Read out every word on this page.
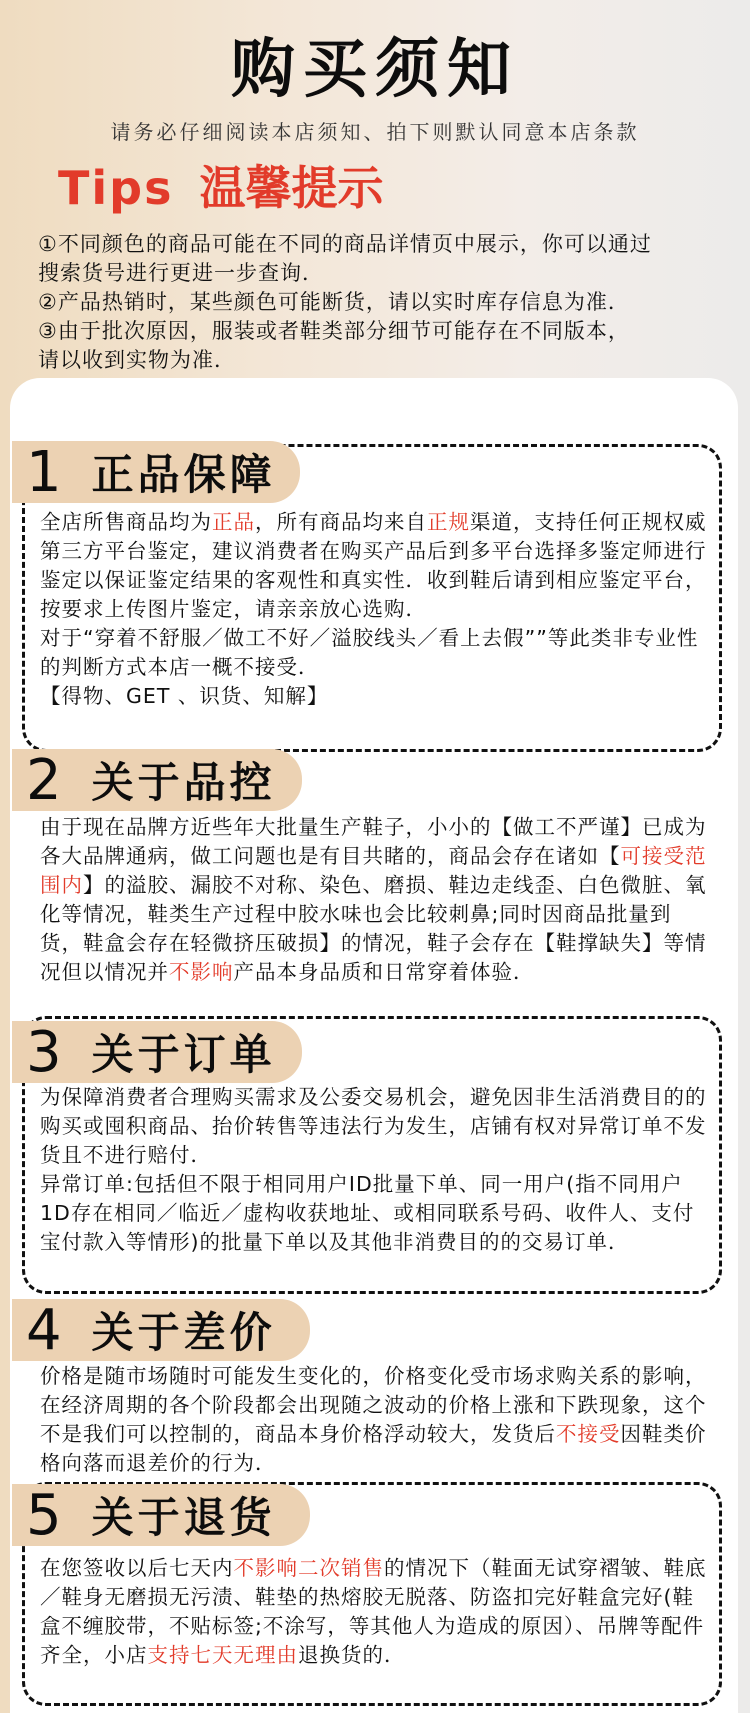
购买须知
请务必仔细阅读本店须知、拍下则默认同意本店条款
Tips 温馨提示
①不同颜色的商品可能在不同的商品详情页中展示，你可以通过
搜索货号进行更进一步查询．
②产品热销时，某些颜色可能断货，请以实时库存信息为准．
③由于批次原因，服装或者鞋类部分细节可能存在不同版本，
请以收到实物为准．
1 正品保障

全店所售商品均为正品，所有商品均来自正规渠道，支持任何正规权威第三方平台鉴定，建议消费者在购买产品后到多平台选择多鉴定师进行鉴定以保证鉴定结果的客观性和真实性．收到鞋后请到相应鉴定平台，按要求上传图片鉴定，请亲亲放心选购．

对于“穿着不舒服／做工不好／溢胶线头／看上去假””等此类非专业性的判断方式本店一概不接受．

【得物、GET 、识货、知解】

2 关于品控

由于现在品牌方近些年大批量生产鞋子，小小的【做工不严谨】已成为各大品牌通病，做工问题也是有目共睹的，商品会存在诸如【可接受范围内】的溢胶、漏胶不对称、染色、磨损、鞋边走线歪、白色微脏、氧化等情况，鞋类生产过程中胶水味也会比较刺鼻;同时因商品批量到货，鞋盒会存在轻微挤压破损】的情况，鞋子会存在【鞋撑缺失】等情况但以情况并不影响产品本身品质和日常穿着体验．

3 关于订单

为保障消费者合理购买需求及公委交易机会，避免因非生活消费目的的购买或囤积商品、抬价转售等违法行为发生，店铺有权对异常订单不发货且不进行赔付．

异常订单:包括但不限于相同用户ID批量下单、同一用户(指不同用户1D存在相同／临近／虚构收获地址、或相同联系号码、收件人、支付宝付款入等情形)的批量下单以及其他非消费目的的交易订单．

4 关于差价

价格是随市场随时可能发生变化的，价格变化受市场求购关系的影响，在经济周期的各个阶段都会出现随之波动的价格上涨和下跌现象，这个不是我们可以控制的，商品本身价格浮动较大，发货后不接受因鞋类价格向落而退差价的行为．

5 关于退货

在您签收以后七天内不影响二次销售的情况下（鞋面无试穿褶皱、鞋底／鞋身无磨损无污渍、鞋垫的热熔胶无脱落、防盗扣完好鞋盒完好(鞋盒不缠胶带，不贴标签;不涂写，等其他人为造成的原因）、吊牌等配件齐全，小店支持七天无理由退换货的．
